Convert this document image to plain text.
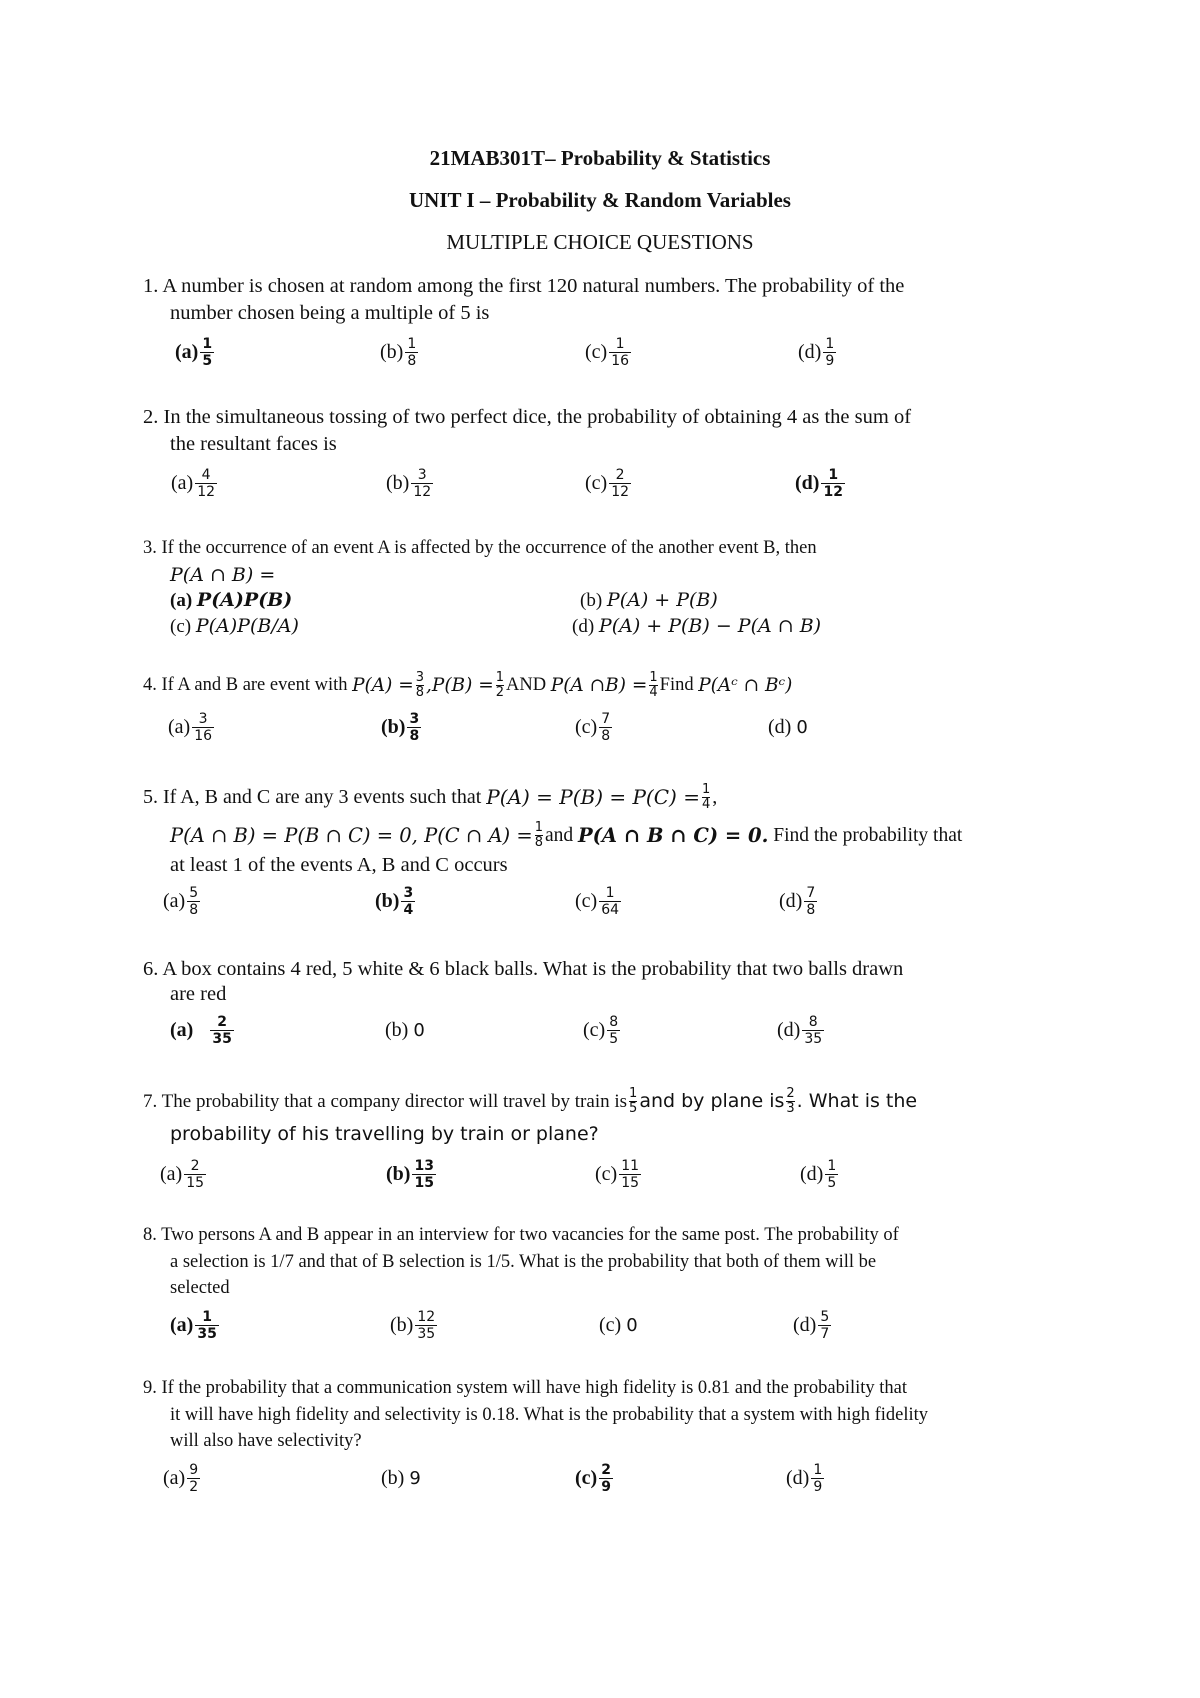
21MAB301T– Probability & Statistics
UNIT I – Probability & Random Variables
MULTIPLE CHOICE QUESTIONS
1. A number is chosen at random among the first 120 natural numbers. The probability of the
number chosen being a multiple of 5 is
$(a) \frac{1}{5}$	$(b) \frac{1}{8}$	$(c) \frac{1}{16}$	$(d) \frac{1}{9}$
2. In the simultaneous tossing of two perfect dice, the probability of obtaining 4 as the sum of
the resultant faces is
$(a) \frac{4}{12}$	$(b) \frac{3}{12}$	$(c) \frac{2}{12}$	$(d) \frac{1}{12}$
3. If the occurrence of an event A is affected by the occurrence of the another event B, then
P(A ∩ B) =
(a) P(A)P(B)	(b) P(A) + P(B)
(c) P(A)P(B/A)	(d) P(A) + P(B) − P(A ∩ B)
4. If A and B are event with
$P(A) = \frac{3}{8} ,P(B) = \frac{1}{2}$ AND
P(A ∩B) = $\frac{1}{4}$ Find
P(Aᶜ ∩ Bᶜ)
$(a) \frac{3}{16}$	$(b) \frac{3}{8}$	$(c) \frac{7}{8}$	(d)
0
5. If A, B and C are any 3 events such that
$P(A) = P(B) = P(C) = \frac{1}{4}$ ,
P(A ∩ B) = P(B ∩ C) = 0, P(C ∩ $A) = \frac{1}{8}$ and
P(A ∩ B ∩ C) = 0.
Find the probability that
at least 1 of the events A, B and C occurs
$(a) \frac{5}{8}$	$(b) \frac{3}{4}$	$(c) \frac{1}{64}$	$(d) \frac{7}{8}$
6. A box contains 4 red, 5 white & 6 black balls. What is the probability that two balls drawn
are red
(a)
$\frac{2}{35}$	(b)
0	$(c) \frac{8}{5}$	$(d) \frac{8}{35}$
7. The probability that a company director will travel by train is 1
5 and by plane is 2
3 . What is the
probability of his travelling by train or plane?
$(a) \frac{2}{15}$	$(b) \frac{13}{15}$	$(c) \frac{11}{15}$	$(d) \frac{1}{5}$
8. Two persons A and B appear in an interview for two vacancies for the same post. The probability of
a selection is 1/7 and that of B selection is 1/5. What is the probability that both of them will be
selected
$(a) \frac{1}{35}$	$(b) \frac{12}{35}$	(c)
0	$(d) \frac{5}{7}$
9. If the probability that a communication system will have high fidelity is 0.81 and the probability that
it will have high fidelity and selectivity is 0.18. What is the probability that a system with high fidelity
will also have selectivity?
$(a) \frac{9}{2}$	(b)
9	$(c) \frac{2}{9}$	$(d) \frac{1}{9}$
